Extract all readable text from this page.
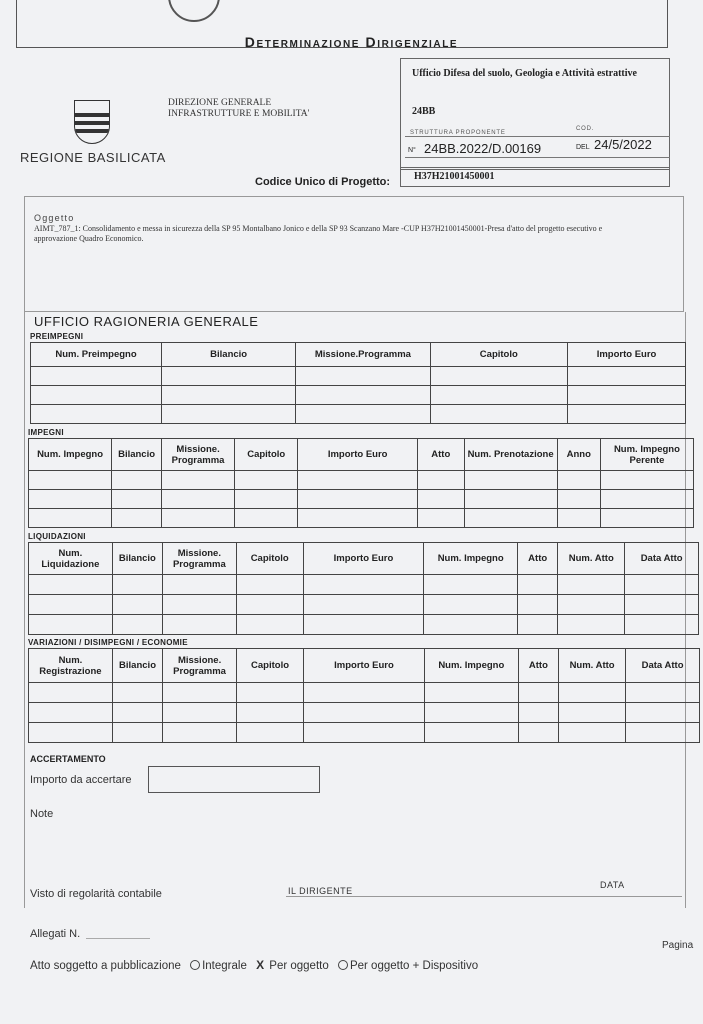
Determinazione Dirigenziale
REGIONE BASILICATA
DIREZIONE GENERALE
INFRASTRUTTURE E MOBILITA'
Ufficio Difesa del suolo, Geologia e Attività estrattive
24BB
STRUTTURA PROPONENTE
COD.
N° 24BB.2022/D.00169	DEL 24/5/2022
Codice Unico di Progetto: H37H21001450001
Oggetto
AIMT_787_1: Consolidamento e messa in sicurezza della SP 95 Montalbano Jonico e della SP 93 Scanzano Mare -CUP H37H21001450001-Presa d'atto del progetto esecutivo e approvazione Quadro Economico.
UFFICIO RAGIONERIA GENERALE
PREIMPEGNI
Num. Preimpegno	Bilancio	Missione.Programma	Capitolo	Importo Euro

IMPEGNI
Num. Impegno	Bilancio	Missione. Programma	Capitolo	Importo Euro	Atto	Num. Prenotazione	Anno	Num. Impegno Perente

LIQUIDAZIONI
Num. Liquidazione	Bilancio	Missione. Programma	Capitolo	Importo Euro	Num. Impegno	Atto	Num. Atto	Data Atto

VARIAZIONI / DISIMPEGNI / ECONOMIE
Num. Registrazione	Bilancio	Missione. Programma	Capitolo	Importo Euro	Num. Impegno	Atto	Num. Atto	Data Atto

ACCERTAMENTO
Importo da accertare
Note
Visto di regolarità contabile	IL DIRIGENTE
DATA
Allegati N.
Pagina
Atto soggetto a pubblicazione Integrale X Per oggetto Per oggetto + Dispositivo
